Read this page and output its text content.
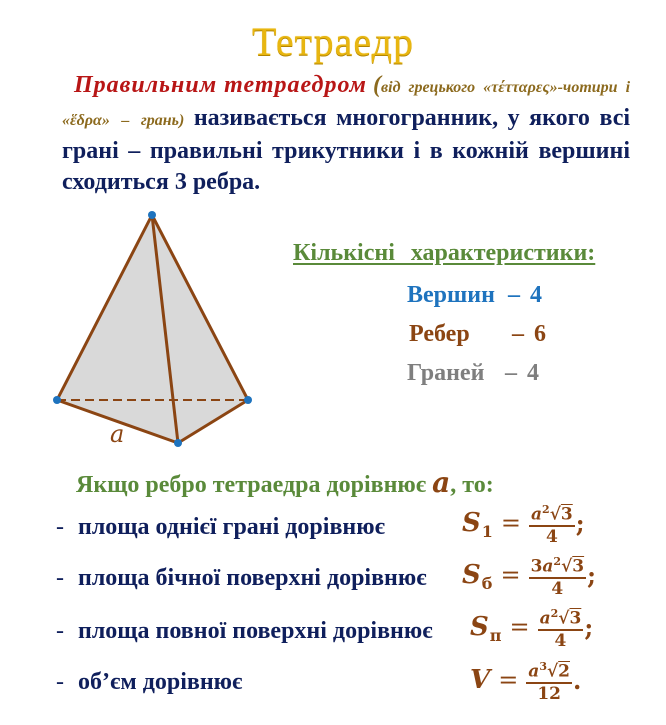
Тетраедр
Правильним тетраедром (від грецького «τέτταρες»-чотири і «ἕδρα» – грань) називається многогранник, у якого всі грані – правильні трикутники і в кожній вершині сходиться 3 ребра.
a
Кількісні характеристики:
Вершин – 4
Ребер – 6
Граней – 4
Якщо ребро тетраедра дорівнює a, то:
- площа однієї грані дорівнює	S $1 = \frac{a^2√3}{4}$ ;
- площа бічної поверхні дорівнює S $б = \frac{3a^2√3}{4}$ ;
- площа повної поверхні дорівнює S $п = \frac{a^2√3}{4}$ ;
- об’єм дорівнює	$V = \frac{a^3√2}{12}$ .
